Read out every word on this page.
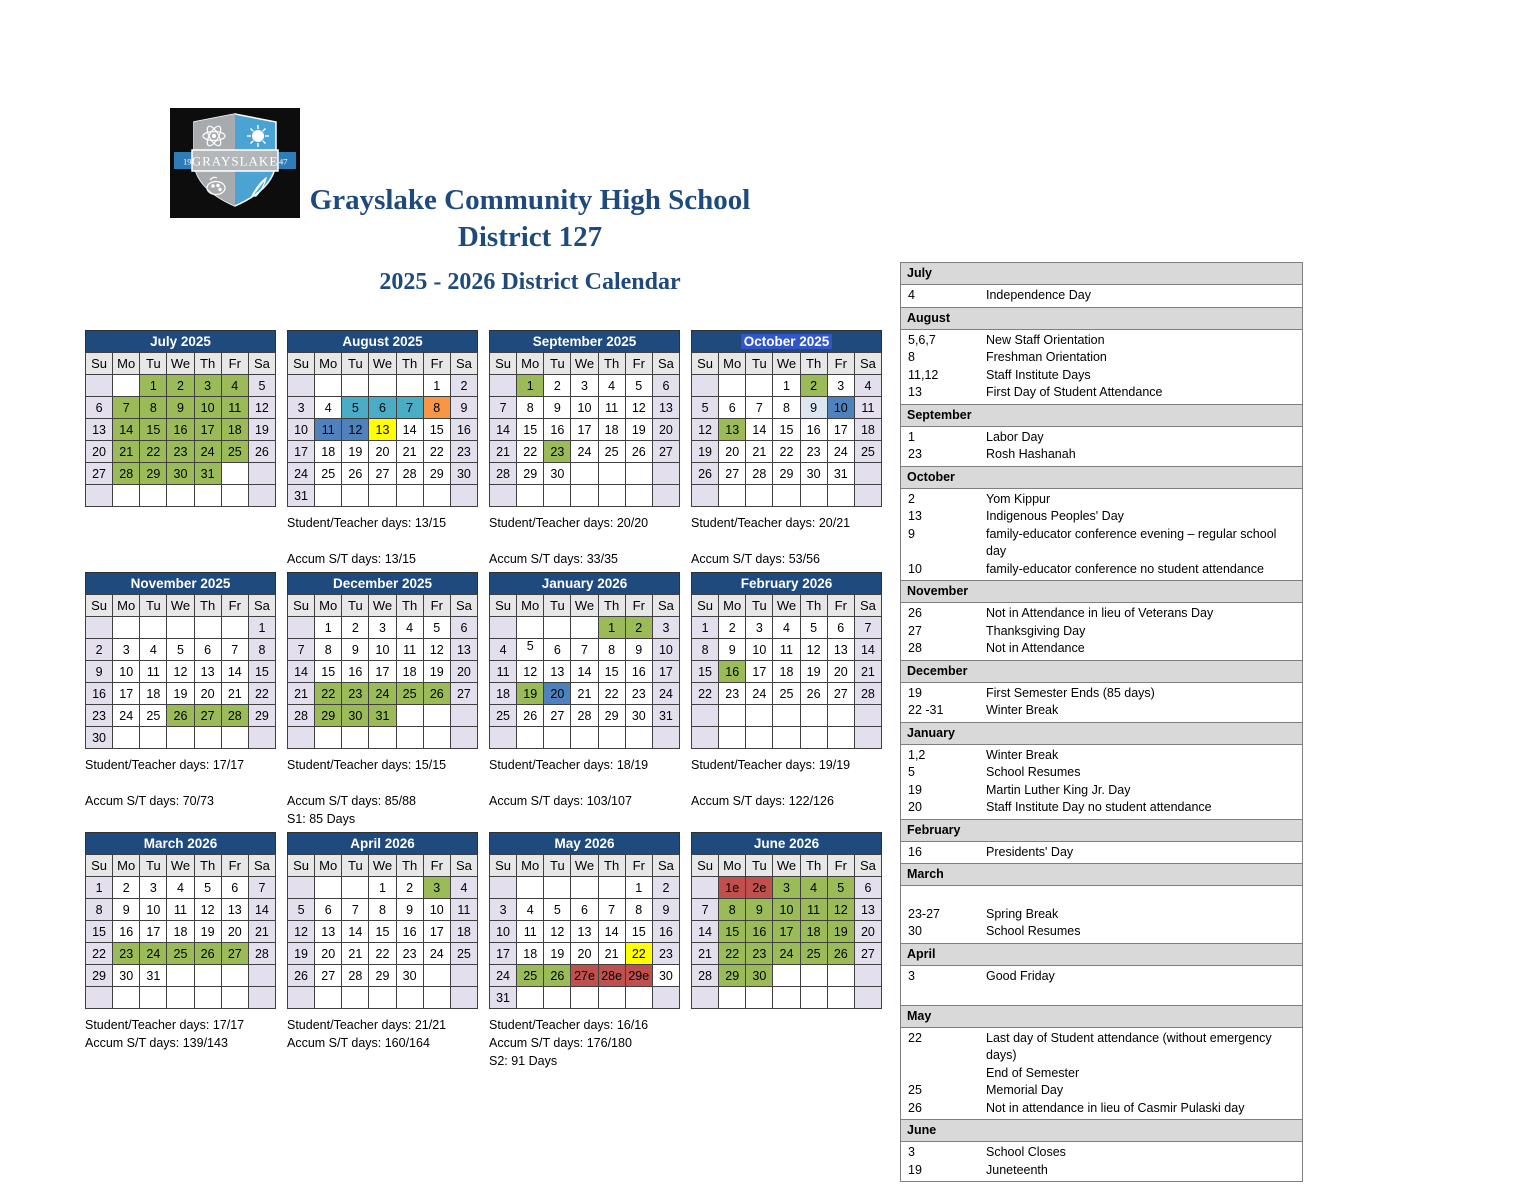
19	47
GRAYSLAKE
Grayslake Community High School
District 127
2025 - 2026 District Calendar
July 2025
Su	Mo	Tu	We	Th	Fr	Sa
		1	2	3	4	5
6	7	8	9	10	11	12
13	14	15	16	17	18	19
20	21	22	23	24	25	26
27	28	29	30	31		

August 2025
Su	Mo	Tu	We	Th	Fr	Sa
					1	2
3	4	5	6	7	8	9
10	11	12	13	14	15	16
17	18	19	20	21	22	23
24	25	26	27	28	29	30
31						
Student/Teacher days: 13/15

Accum S/T days: 13/15
September 2025
Su	Mo	Tu	We	Th	Fr	Sa
	1	2	3	4	5	6
7	8	9	10	11	12	13
14	15	16	17	18	19	20
21	22	23	24	25	26	27
28	29	30				

Student/Teacher days: 20/20

Accum S/T days: 33/35
October 2025
Su	Mo	Tu	We	Th	Fr	Sa
			1	2	3	4
5	6	7	8	9	10	11
12	13	14	15	16	17	18
19	20	21	22	23	24	25
26	27	28	29	30	31	

Student/Teacher days: 20/21

Accum S/T days: 53/56
November 2025
Su	Mo	Tu	We	Th	Fr	Sa
						1
2	3	4	5	6	7	8
9	10	11	12	13	14	15
16	17	18	19	20	21	22
23	24	25	26	27	28	29
30						
Student/Teacher days: 17/17

Accum S/T days: 70/73
December 2025
Su	Mo	Tu	We	Th	Fr	Sa
	1	2	3	4	5	6
7	8	9	10	11	12	13
14	15	16	17	18	19	20
21	22	23	24	25	26	27
28	29	30	31			

Student/Teacher days: 15/15

Accum S/T days: 85/88
S1: 85 Days
January 2026
Su	Mo	Tu	We	Th	Fr	Sa
				1	2	3
4	5	6	7	8	9	10
11	12	13	14	15	16	17
18	19	20	21	22	23	24
25	26	27	28	29	30	31

Student/Teacher days: 18/19

Accum S/T days: 103/107
February 2026
Su	Mo	Tu	We	Th	Fr	Sa
1	2	3	4	5	6	7
8	9	10	11	12	13	14
15	16	17	18	19	20	21
22	23	24	25	26	27	28

Student/Teacher days: 19/19

Accum S/T days: 122/126
March 2026
Su	Mo	Tu	We	Th	Fr	Sa
1	2	3	4	5	6	7
8	9	10	11	12	13	14
15	16	17	18	19	20	21
22	23	24	25	26	27	28
29	30	31				

Student/Teacher days: 17/17
Accum S/T days: 139/143
April 2026
Su	Mo	Tu	We	Th	Fr	Sa
			1	2	3	4
5	6	7	8	9	10	11
12	13	14	15	16	17	18
19	20	21	22	23	24	25
26	27	28	29	30		

Student/Teacher days: 21/21
Accum S/T days: 160/164
May 2026
Su	Mo	Tu	We	Th	Fr	Sa
					1	2
3	4	5	6	7	8	9
10	11	12	13	14	15	16
17	18	19	20	21	22	23
24	25	26	27e	28e	29e	30
31						
Student/Teacher days: 16/16
Accum S/T days: 176/180
S2: 91 Days
June 2026
Su	Mo	Tu	We	Th	Fr	Sa
	1e	2e	3	4	5	6
7	8	9	10	11	12	13
14	15	16	17	18	19	20
21	22	23	24	25	26	27
28	29	30				

July
4	Independence Day
August
5,6,7	New Staff Orientation
8	Freshman Orientation
11,12	Staff Institute Days
13	First Day of Student Attendance
September
1	Labor Day
23	Rosh Hashanah
October
2	Yom Kippur
13	Indigenous Peoples' Day
9	family-educator conference evening – regular school day
10	family-educator conference no student attendance
November
26	Not in Attendance in lieu of Veterans Day
27	Thanksgiving Day
28	Not in Attendance
December
19	First Semester Ends (85 days)
22 -31	Winter Break
January
1,2	Winter Break
5	School Resumes
19	Martin Luther King Jr. Day
20	Staff Institute Day no student attendance
February
16	Presidents' Day
March

23-27	Spring Break
30	School Resumes
April
3	Good Friday

May
22	Last day of Student attendance (without emergency days)

End of Semester
25	Memorial Day
26	Not in attendance in lieu of Casmir Pulaski day
June
3	School Closes
19	Juneteenth
